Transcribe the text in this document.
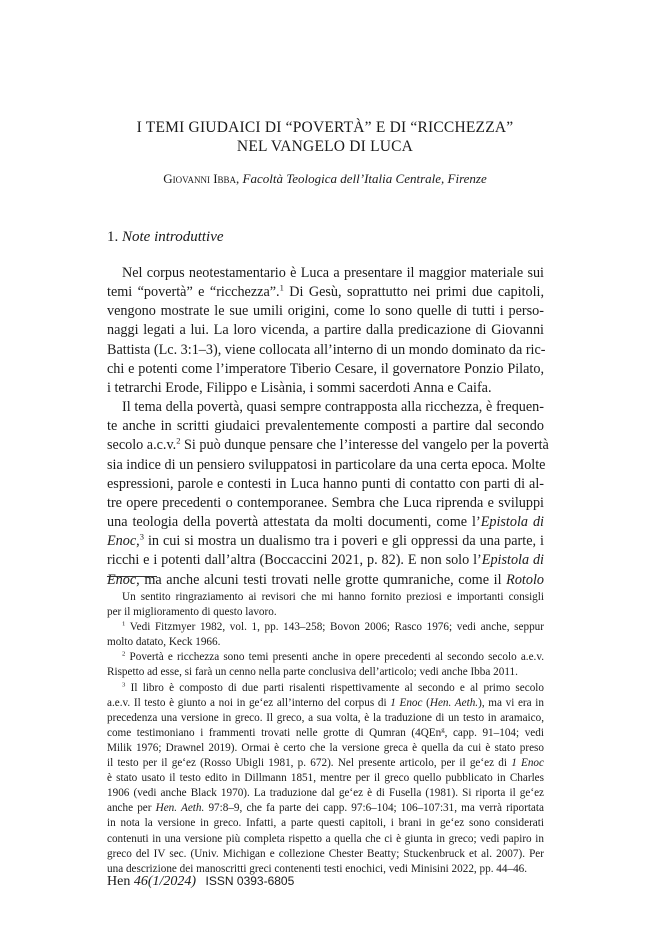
I TEMI GIUDAICI DI “POVERTÀ” E DI “RICCHEZZA”
NEL VANGELO DI LUCA
Giovanni Ibba, Facoltà Teologica dell’Italia Centrale, Firenze
1. Note introduttive

Nel corpus neotestamentario è Luca a presentare il maggior materiale sui
temi “povertà” e “ricchezza”.$^1$ Di Gesù, soprattutto nei primi due capitoli,
vengono mostrate le sue umili origini, come lo sono quelle di tutti i perso-
naggi legati a lui. La loro vicenda, a partire dalla predicazione di Giovanni
Battista (Lc. 3:1–3), viene collocata all’interno di un mondo dominato da ric-
chi e potenti come l’imperatore Tiberio Cesare, il governatore Ponzio Pilato,
i tetrarchi Erode, Filippo e Lisània, i sommi sacerdoti Anna e Caifa.

Il tema della povertà, quasi sempre contrapposta alla ricchezza, è frequen-
te anche in scritti giudaici prevalentemente composti a partire dal secondo
secolo a.c.v.$^2$ Si può dunque pensare che l’interesse del vangelo per la povertà
sia indice di un pensiero sviluppatosi in particolare da una certa epoca. Molte
espressioni, parole e contesti in Luca hanno punti di contatto con parti di al-
tre opere precedenti o contemporanee. Sembra che Luca riprenda e sviluppi
una teologia della povertà attestata da molti documenti, come l’Epistola di
Enoc,$^3$ in cui si mostra un dualismo tra i poveri e gli oppressi da una parte, i
ricchi e i potenti dall’altra (Boccaccini 2021, p. 82). E non solo l’Epistola di
Enoc, ma anche alcuni testi trovati nelle grotte qumraniche, come il Rotolo

Un sentito ringraziamento ai revisori che mi hanno fornito preziosi e importanti consigli
per il miglioramento di questo lavoro.
$^1$ Vedi Fitzmyer 1982, vol. 1, pp. 143–258; Bovon 2006; Rasco 1976; vedi anche, seppur
molto datato, Keck 1966.
$^2$ Povertà e ricchezza sono temi presenti anche in opere precedenti al secondo secolo a.e.v.
Rispetto ad esse, si farà un cenno nella parte conclusiva dell’articolo; vedi anche Ibba 2011.
$^3$ Il libro è composto di due parti risalenti rispettivamente al secondo e al primo secolo
a.e.v. Il testo è giunto a noi in ge‘ez all’interno del corpus di 1 Enoc (Hen. Aeth.), ma vi era in
precedenza una versione in greco. Il greco, a sua volta, è la traduzione di un testo in aramaico,
come testimoniano i frammenti trovati nelle grotte di Qumran (4QEn$^g$, capp. 91–104; vedi
Milik 1976; Drawnel 2019). Ormai è certo che la versione greca è quella da cui è stato preso
il testo per il ge‘ez (Rosso Ubigli 1981, p. 672). Nel presente articolo, per il ge‘ez di 1 Enoc
è stato usato il testo edito in Dillmann 1851, mentre per il greco quello pubblicato in Charles
1906 (vedi anche Black 1970). La traduzione dal ge‘ez è di Fusella (1981). Si riporta il ge‘ez
anche per Hen. Aeth. 97:8–9, che fa parte dei capp. 97:6–104; 106–107:31, ma verrà riportata
in nota la versione in greco. Infatti, a parte questi capitoli, i brani in ge‘ez sono considerati
contenuti in una versione più completa rispetto a quella che ci è giunta in greco; vedi papiro in
greco del IV sec. (Univ. Michigan e collezione Chester Beatty; Stuckenbruck et al. 2007). Per
una descrizione dei manoscritti greci contenenti testi enochici, vedi Minisini 2022, pp. 44–46.
Hen 46(1/2024) ISSN 0393-6805
